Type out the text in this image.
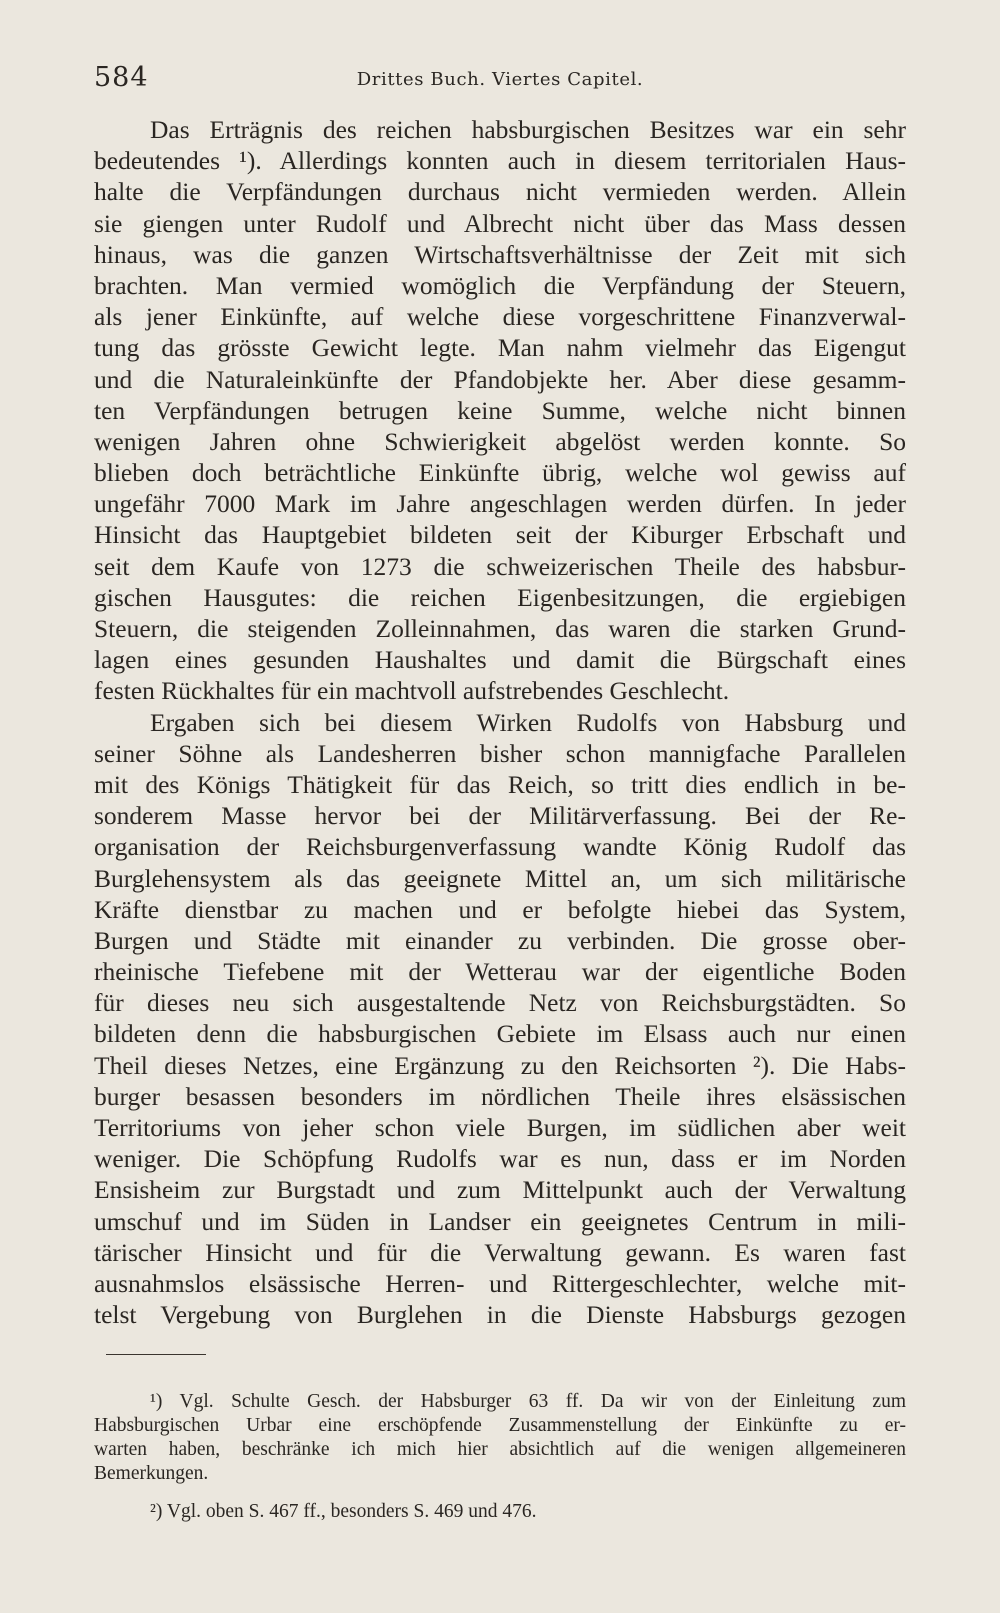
584	Drittes Buch. Viertes Capitel.
Das Erträgnis des reichen habsburgischen Besitzes war ein sehr
bedeutendes ¹). Allerdings konnten auch in diesem territorialen Haus-
halte die Verpfändungen durchaus nicht vermieden werden. Allein
sie giengen unter Rudolf und Albrecht nicht über das Mass dessen
hinaus, was die ganzen Wirtschaftsverhältnisse der Zeit mit sich
brachten. Man vermied womöglich die Verpfändung der Steuern,
als jener Einkünfte, auf welche diese vorgeschrittene Finanzverwal-
tung das grösste Gewicht legte. Man nahm vielmehr das Eigengut
und die Naturaleinkünfte der Pfandobjekte her. Aber diese gesamm-
ten Verpfändungen betrugen keine Summe, welche nicht binnen
wenigen Jahren ohne Schwierigkeit abgelöst werden konnte. So
blieben doch beträchtliche Einkünfte übrig, welche wol gewiss auf
ungefähr 7000 Mark im Jahre angeschlagen werden dürfen. In jeder
Hinsicht das Hauptgebiet bildeten seit der Kiburger Erbschaft und
seit dem Kaufe von 1273 die schweizerischen Theile des habsbur-
gischen Hausgutes: die reichen Eigenbesitzungen, die ergiebigen
Steuern, die steigenden Zolleinnahmen, das waren die starken Grund-
lagen eines gesunden Haushaltes und damit die Bürgschaft eines
festen Rückhaltes für ein machtvoll aufstrebendes Geschlecht.
Ergaben sich bei diesem Wirken Rudolfs von Habsburg und
seiner Söhne als Landesherren bisher schon mannigfache Parallelen
mit des Königs Thätigkeit für das Reich, so tritt dies endlich in be-
sonderem Masse hervor bei der Militärverfassung. Bei der Re-
organisation der Reichsburgenverfassung wandte König Rudolf das
Burglehensystem als das geeignete Mittel an, um sich militärische
Kräfte dienstbar zu machen und er befolgte hiebei das System,
Burgen und Städte mit einander zu verbinden. Die grosse ober-
rheinische Tiefebene mit der Wetterau war der eigentliche Boden
für dieses neu sich ausgestaltende Netz von Reichsburgstädten. So
bildeten denn die habsburgischen Gebiete im Elsass auch nur einen
Theil dieses Netzes, eine Ergänzung zu den Reichsorten ²). Die Habs-
burger besassen besonders im nördlichen Theile ihres elsässischen
Territoriums von jeher schon viele Burgen, im südlichen aber weit
weniger. Die Schöpfung Rudolfs war es nun, dass er im Norden
Ensisheim zur Burgstadt und zum Mittelpunkt auch der Verwaltung
umschuf und im Süden in Landser ein geeignetes Centrum in mili-
tärischer Hinsicht und für die Verwaltung gewann. Es waren fast
ausnahmslos elsässische Herren- und Rittergeschlechter, welche mit-
telst Vergebung von Burglehen in die Dienste Habsburgs gezogen
¹) Vgl. Schulte Gesch. der Habsburger 63 ff. Da wir von der Einleitung zum
Habsburgischen Urbar eine erschöpfende Zusammenstellung der Einkünfte zu er-
warten haben, beschränke ich mich hier absichtlich auf die wenigen allgemeineren
Bemerkungen.
²) Vgl. oben S. 467 ff., besonders S. 469 und 476.
